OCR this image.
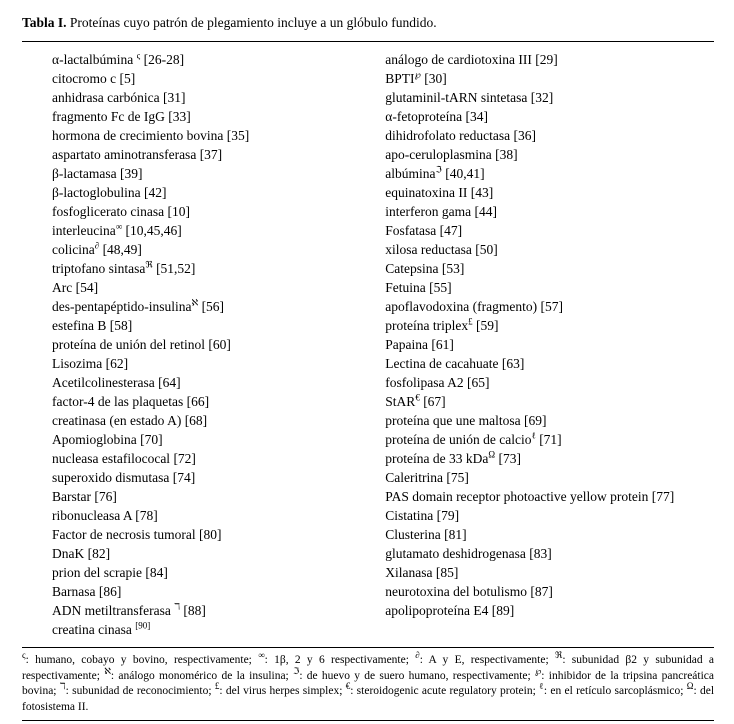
Tabla I. Proteínas cuyo patrón de plegamiento incluye a un glóbulo fundido.
α-lactalbúmina $^\varsigma$ [26-28]
citocromo c [5]
anhidrasa carbónica [31]
fragmento Fc de IgG [33]
hormona de crecimiento bovina [35]
aspartato aminotransferasa [37]
β-lactamasa [39]
β-lactoglobulina [42]
fosfoglicerato cinasa [10]
interleucina∞ [10,45,46]
colicina∂ [48,49]
triptofano sintasa$^ℜ$ [51,52]
Arc [54]
des-pentapéptido-insulina$^ℵ$ [56]
estefina B [58]
proteína de unión del retinol [60]
Lisozima [62]
Acetilcolinesterasa [64]
factor-4 de las plaquetas [66]
creatinasa (en estado A) [68]
Apomioglobina [70]
nucleasa estafilococal [72]
superoxido dismutasa [74]
Barstar [76]
ribonucleasa A [78]
Factor de necrosis tumoral [80]
DnaK [82]
prion del scrapie [84]
Barnasa [86]
ADN metiltransferasa $^ℸ$ [88]
creatina cinasa [90]
análogo de cardiotoxina III [29]
BPTI℘ [30]
glutaminil-tARN sintetasa [32]
α-fetoproteína [34]
dihidrofolato reductasa [36]
apo-ceruloplasmina [38]
albúmina$^ℑ$ [40,41]
equinatoxina II [43]
interferon gama [44]
Fosfatasa [47]
xilosa reductasa [50]
Catepsina [53]
Fetuina [55]
apoflavodoxina (fragmento) [57]
proteína triplex£ [59]
Papaina [61]
Lectina de cacahuate [63]
fosfolipasa A2 [65]
StAR€ [67]
proteína que une maltosa [69]
proteína de unión de calcio$^\ell$ [71]
proteína de 33 kDa$^\Omega$ [73]
Caleritrina [75]
PAS domain receptor photoactive yellow protein [77]
Cistatina [79]
Clusterina [81]
glutamato deshidrogenasa [83]
Xilanasa [85]
neurotoxina del botulismo [87]
apolipoproteína E4 [89]
$^\varsigma$: humano, cobayo y bovino, respectivamente; ∞: 1β, 2 y 6 respectivamente; ∂: A y E, respectivamente; $^ℜ$: subunidad β2 y subunidad a respectivamente; $^ℵ$: análogo monomérico de la insulina; $^ℑ$: de huevo y de suero humano, respectivamente; ℘: inhibidor de la tripsina pancreática bovina; $^ℸ$: subunidad de reconocimiento; £: del virus herpes simplex; €: steroidogenic acute regulatory protein; $^\ell$: en el retículo sarcoplásmico; $^\Omega$: del fotosistema II.
